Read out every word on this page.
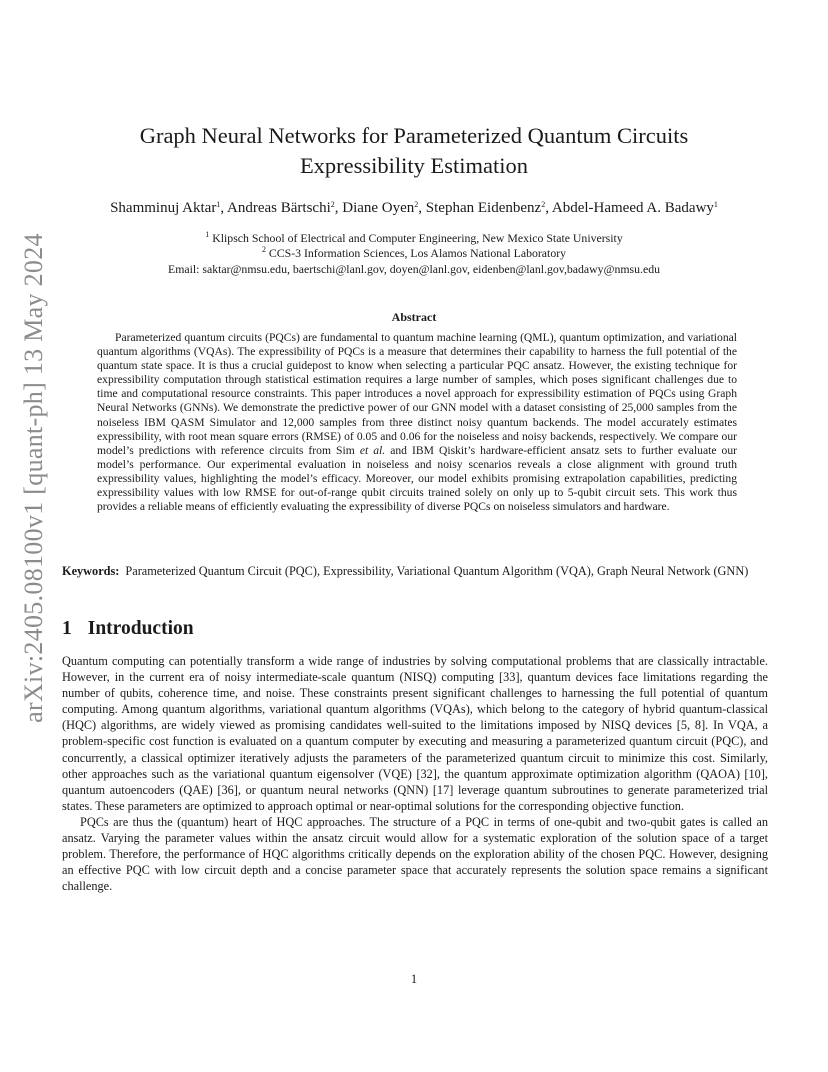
arXiv:2405.08100v1 [quant-ph] 13 May 2024
Graph Neural Networks for Parameterized Quantum Circuits
Expressibility Estimation

Shamminuj Aktar$^1$, Andreas Bärtschi$^2$, Diane Oyen$^2$, Stephan Eidenbenz$^2$, Abdel-Hameed A. Badawy$^1$

$^1$ Klipsch School of Electrical and Computer Engineering, New Mexico State University

$^2$ CCS-3 Information Sciences, Los Alamos National Laboratory

Email: saktar@nmsu.edu, baertschi@lanl.gov, doyen@lanl.gov, eidenben@lanl.gov,badawy@nmsu.edu

Abstract

Parameterized quantum circuits (PQCs) are fundamental to quantum machine learning (QML), quantum optimization, and variational quantum algorithms (VQAs). The expressibility of PQCs is a measure that determines their capability to harness the full potential of the quantum state space. It is thus a crucial guidepost to know when selecting a particular PQC ansatz. However, the existing technique for expressibility computation through statistical estimation requires a large number of samples, which poses significant challenges due to time and computational resource constraints. This paper introduces a novel approach for expressibility estimation of PQCs using Graph Neural Networks (GNNs). We demonstrate the predictive power of our GNN model with a dataset consisting of 25,000 samples from the noiseless IBM QASM Simulator and 12,000 samples from three distinct noisy quantum backends. The model accurately estimates expressibility, with root mean square errors (RMSE) of 0.05 and 0.06 for the noiseless and noisy backends, respectively. We compare our model’s predictions with reference circuits from Sim et al. and IBM Qiskit’s hardware-efficient ansatz sets to further evaluate our model’s performance. Our experimental evaluation in noiseless and noisy scenarios reveals a close alignment with ground truth expressibility values, highlighting the model’s efficacy. Moreover, our model exhibits promising extrapolation capabilities, predicting expressibility values with low RMSE for out-of-range qubit circuits trained solely on only up to 5-qubit circuit sets. This work thus provides a reliable means of efficiently evaluating the expressibility of diverse PQCs on noiseless simulators and hardware.

Keywords: Parameterized Quantum Circuit (PQC), Expressibility, Variational Quantum Algorithm (VQA), Graph Neural Network (GNN)

1 Introduction

Quantum computing can potentially transform a wide range of industries by solving computational problems that are classically intractable. However, in the current era of noisy intermediate-scale quantum (NISQ) computing [33], quantum devices face limitations regarding the number of qubits, coherence time, and noise. These constraints present significant challenges to harnessing the full potential of quantum computing. Among quantum algorithms, variational quantum algorithms (VQAs), which belong to the category of hybrid quantum-classical (HQC) algorithms, are widely viewed as promising candidates well-suited to the limitations imposed by NISQ devices [5, 8]. In VQA, a problem-specific cost function is evaluated on a quantum computer by executing and measuring a parameterized quantum circuit (PQC), and concurrently, a classical optimizer iteratively adjusts the parameters of the parameterized quantum circuit to minimize this cost. Similarly, other approaches such as the variational quantum eigensolver (VQE) [32], the quantum approximate optimization algorithm (QAOA) [10], quantum autoencoders (QAE) [36], or quantum neural networks (QNN) [17] leverage quantum subroutines to generate parameterized trial states. These parameters are optimized to approach optimal or near-optimal solutions for the corresponding objective function.

PQCs are thus the (quantum) heart of HQC approaches. The structure of a PQC in terms of one-qubit and two-qubit gates is called an ansatz. Varying the parameter values within the ansatz circuit would allow for a systematic exploration of the solution space of a target problem. Therefore, the performance of HQC algorithms critically depends on the exploration ability of the chosen PQC. However, designing an effective PQC with low circuit depth and a concise parameter space that accurately represents the solution space remains a significant challenge.

1
